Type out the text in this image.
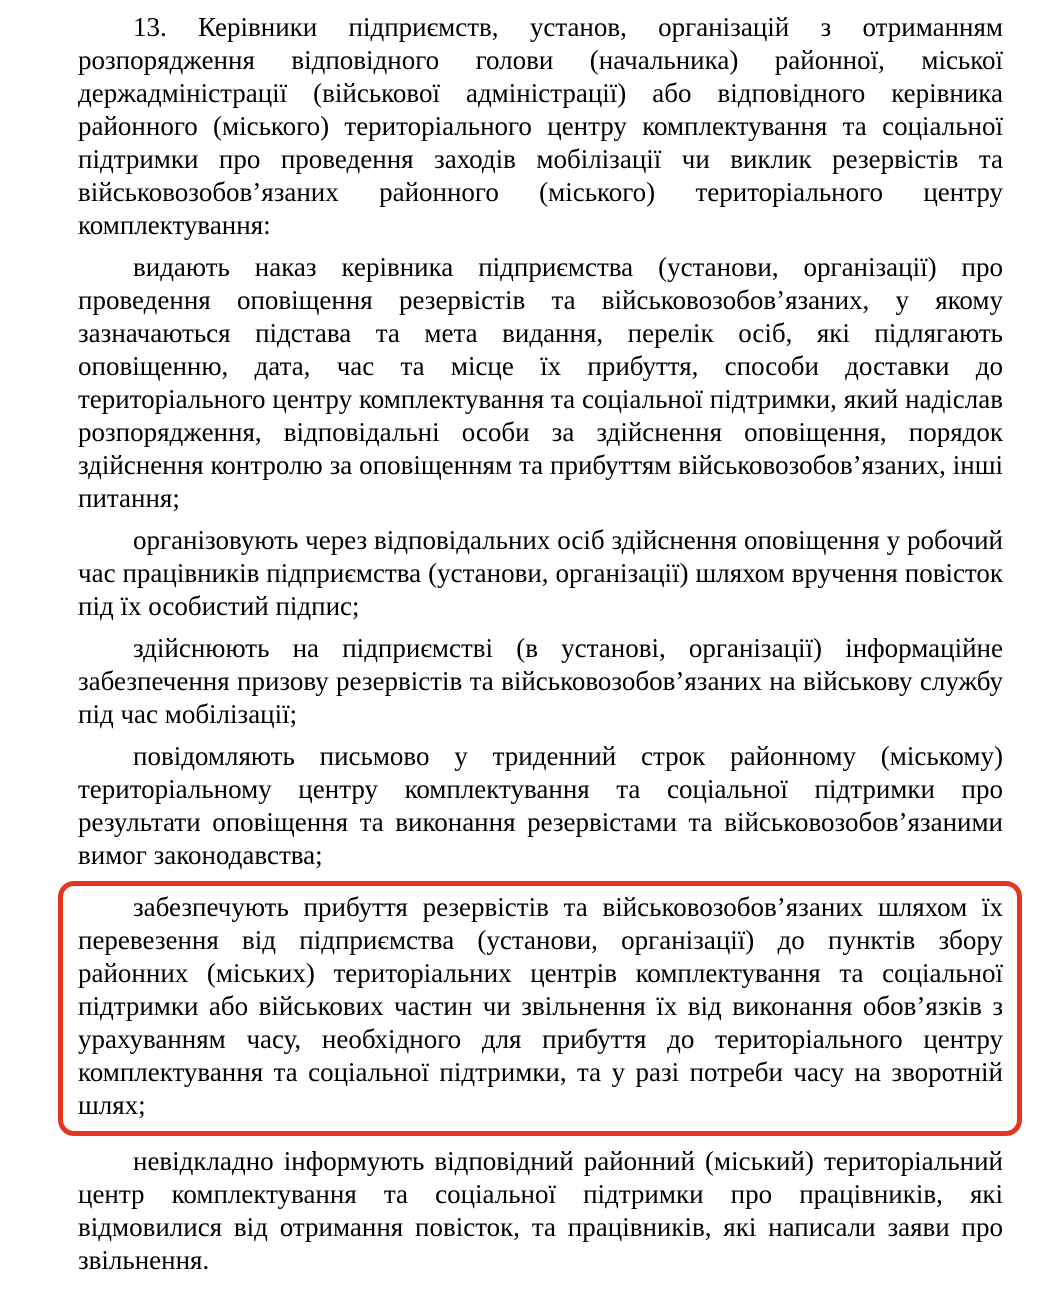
13. Керівники підприємств, установ, організацій з отриманням розпорядження відповідного голови (начальника) районної, міської держадміністрації (військової адміністрації) або відповідного керівника районного (міського) територіального центру комплектування та соціальної підтримки про проведення заходів мобілізації чи виклик резервістів та військовозобов’язаних районного (міського) територіального центру комплектування:

видають наказ керівника підприємства (установи, організації) про проведення оповіщення резервістів та військовозобов’язаних, у якому зазначаються підстава та мета видання, перелік осіб, які підлягають оповіщенню, дата, час та місце їх прибуття, способи доставки до територіального центру комплектування та соціальної підтримки, який надіслав розпорядження, відповідальні особи за здійснення оповіщення, порядок здійснення контролю за оповіщенням та прибуттям військовозобов’язаних, інші питання;

організовують через відповідальних осіб здійснення оповіщення у робочий час працівників підприємства (установи, організації) шляхом вручення повісток під їх особистий підпис;

здійснюють на підприємстві (в установі, організації) інформаційне забезпечення призову резервістів та військовозобов’язаних на військову службу під час мобілізації;

повідомляють письмово у триденний строк районному (міському) територіальному центру комплектування та соціальної підтримки про результати оповіщення та виконання резервістами та військовозобов’язаними вимог законодавства;

забезпечують прибуття резервістів та військовозобов’язаних шляхом їх перевезення від підприємства (установи, організації) до пунктів збору районних (міських) територіальних центрів комплектування та соціальної підтримки або військових частин чи звільнення їх від виконання обов’язків з урахуванням часу, необхідного для прибуття до територіального центру комплектування та соціальної підтримки, та у разі потреби часу на зворотній шлях;

невідкладно інформують відповідний районний (міський) територіальний центр комплектування та соціальної підтримки про працівників, які відмовилися від отримання повісток, та працівників, які написали заяви про звільнення.
